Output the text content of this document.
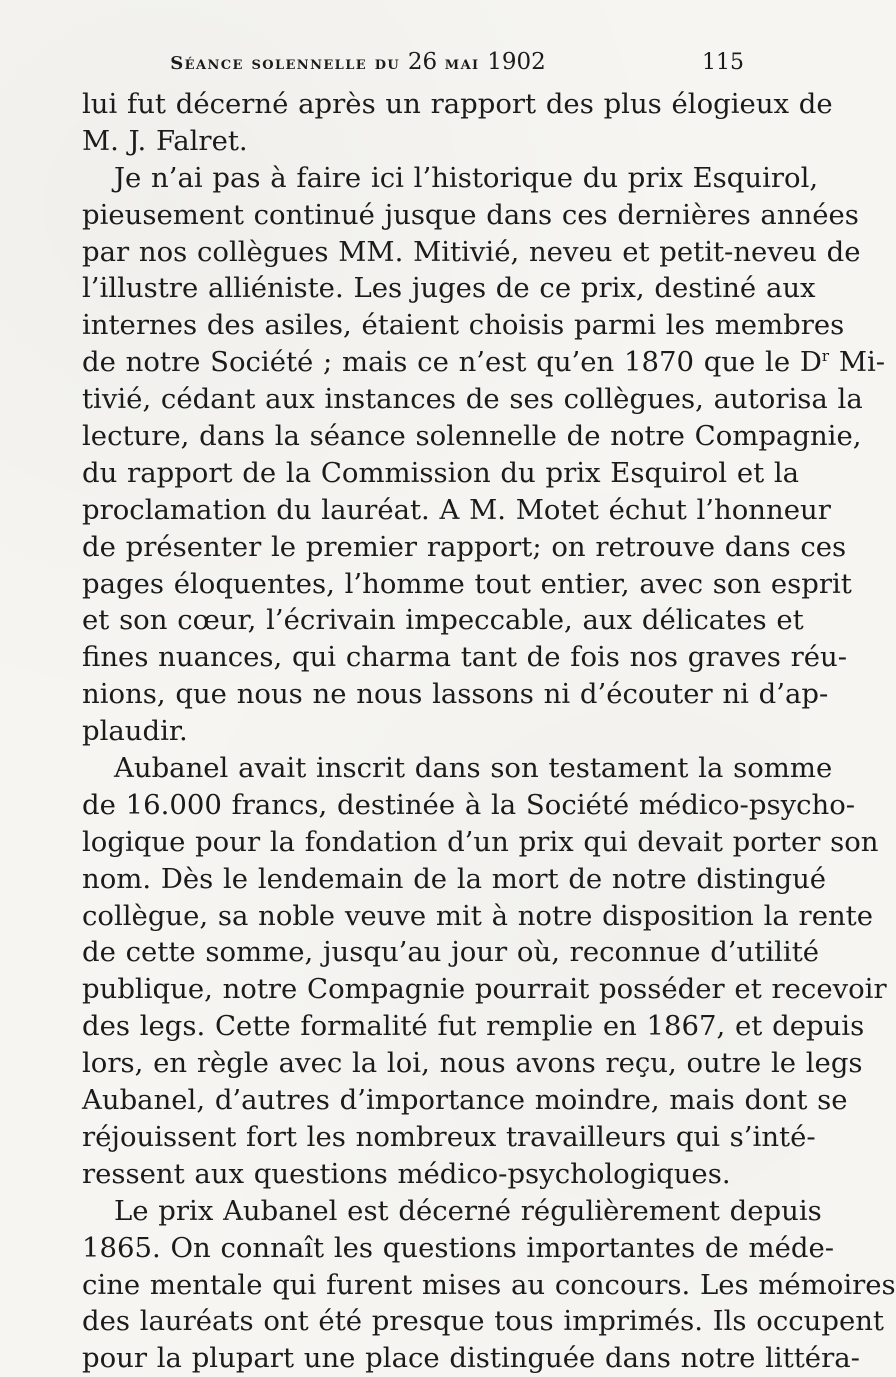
Séance solennelle du 26 mai 1902	115
lui fut décerné après un rapport des plus élogieux de
M. J. Falret.
Je n’ai pas à faire ici l’historique du prix Esquirol,
pieusement continué jusque dans ces dernières années
par nos collègues MM. Mitivié, neveu et petit-neveu de
l’illustre alliéniste. Les juges de ce prix, destiné aux
internes des asiles, étaient choisis parmi les membres
de notre Société ; mais ce n’est qu’en 1870 que le $D^r$ Mi-
tivié, cédant aux instances de ses collègues, autorisa la
lecture, dans la séance solennelle de notre Compagnie,
du rapport de la Commission du prix Esquirol et la
proclamation du lauréat. A M. Motet échut l’honneur
de présenter le premier rapport; on retrouve dans ces
pages éloquentes, l’homme tout entier, avec son esprit
et son cœur, l’écrivain impeccable, aux délicates et
fines nuances, qui charma tant de fois nos graves réu-
nions, que nous ne nous lassons ni d’écouter ni d’ap-
plaudir.
Aubanel avait inscrit dans son testament la somme
de 16.000 francs, destinée à la Société médico-psycho-
logique pour la fondation d’un prix qui devait porter son
nom. Dès le lendemain de la mort de notre distingué
collègue, sa noble veuve mit à notre disposition la rente
de cette somme, jusqu’au jour où, reconnue d’utilité
publique, notre Compagnie pourrait posséder et recevoir
des legs. Cette formalité fut remplie en 1867, et depuis
lors, en règle avec la loi, nous avons reçu, outre le legs
Aubanel, d’autres d’importance moindre, mais dont se
réjouissent fort les nombreux travailleurs qui s’inté-
ressent aux questions médico-psychologiques.
Le prix Aubanel est décerné régulièrement depuis
1865. On connaît les questions importantes de méde-
cine mentale qui furent mises au concours. Les mémoires
des lauréats ont été presque tous imprimés. Ils occupent
pour la plupart une place distinguée dans notre littéra-
